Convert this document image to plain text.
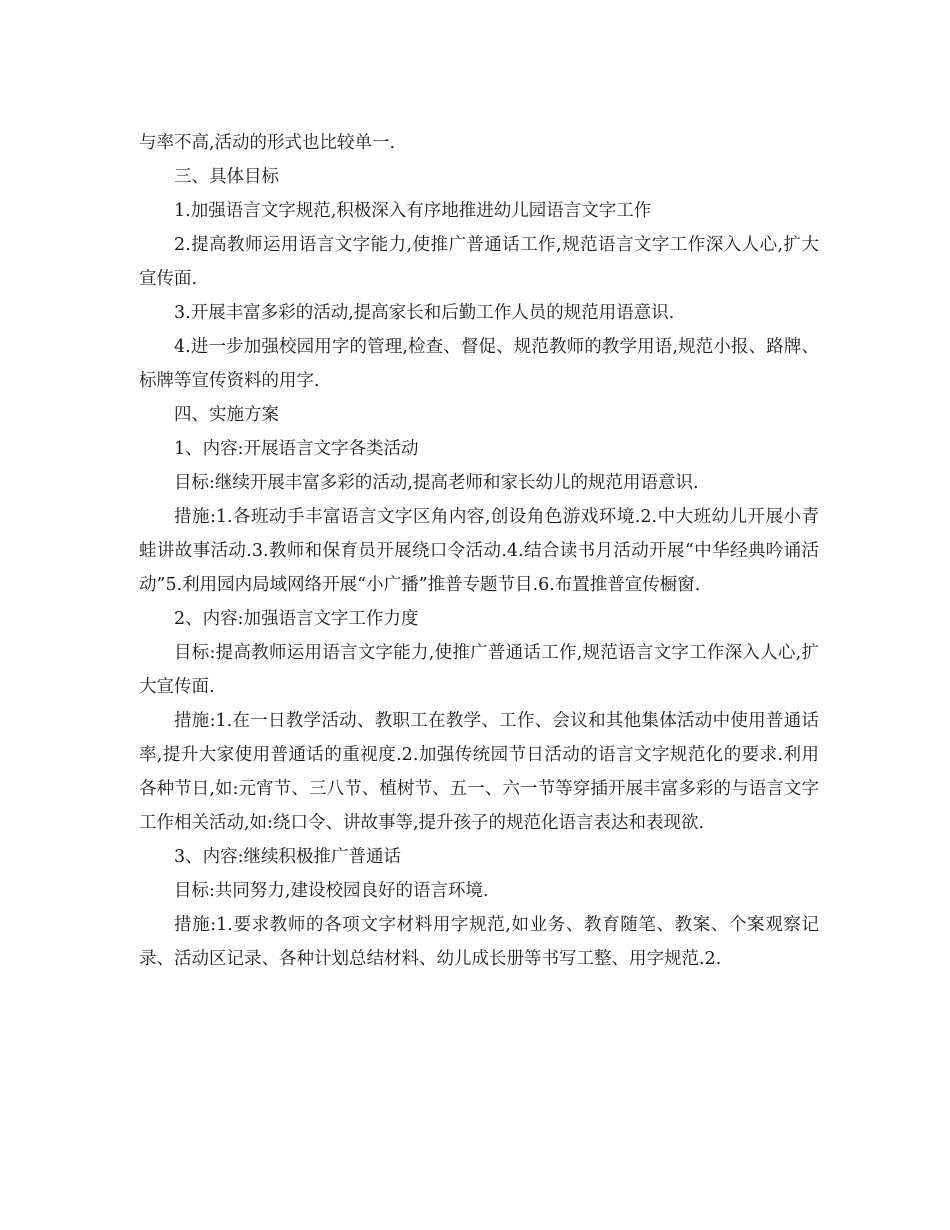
与率不高,活动的形式也比较单一.

三、具体目标

1.加强语言文字规范,积极深入有序地推进幼儿园语言文字工作

2.提高教师运用语言文字能力,使推广普通话工作,规范语言文字工作深入人心,扩大宣传面.

3.开展丰富多彩的活动,提高家长和后勤工作人员的规范用语意识.

4.进一步加强校园用字的管理,检查、督促、规范教师的教学用语,规范小报、路牌、标牌等宣传资料的用字.

四、实施方案

1、内容:开展语言文字各类活动

目标:继续开展丰富多彩的活动,提高老师和家长幼儿的规范用语意识.

措施:1.各班动手丰富语言文字区角内容,创设角色游戏环境.2.中大班幼儿开展小青蛙讲故事活动.3.教师和保育员开展绕口令活动.4.结合读书月活动开展“中华经典吟诵活动”5.利用园内局域网络开展“小广播”推普专题节目.6.布置推普宣传橱窗.

2、内容:加强语言文字工作力度

目标:提高教师运用语言文字能力,使推广普通话工作,规范语言文字工作深入人心,扩大宣传面.

措施:1.在一日教学活动、教职工在教学、工作、会议和其他集体活动中使用普通话率,提升大家使用普通话的重视度.2.加强传统园节日活动的语言文字规范化的要求.利用各种节日,如:元宵节、三八节、植树节、五一、六一节等穿插开展丰富多彩的与语言文字工作相关活动,如:绕口令、讲故事等,提升孩子的规范化语言表达和表现欲.

3、内容:继续积极推广普通话

目标:共同努力,建设校园良好的语言环境.

措施:1.要求教师的各项文字材料用字规范,如业务、教育随笔、教案、个案观察记录、活动区记录、各种计划总结材料、幼儿成长册等书写工整、用字规范.2.
